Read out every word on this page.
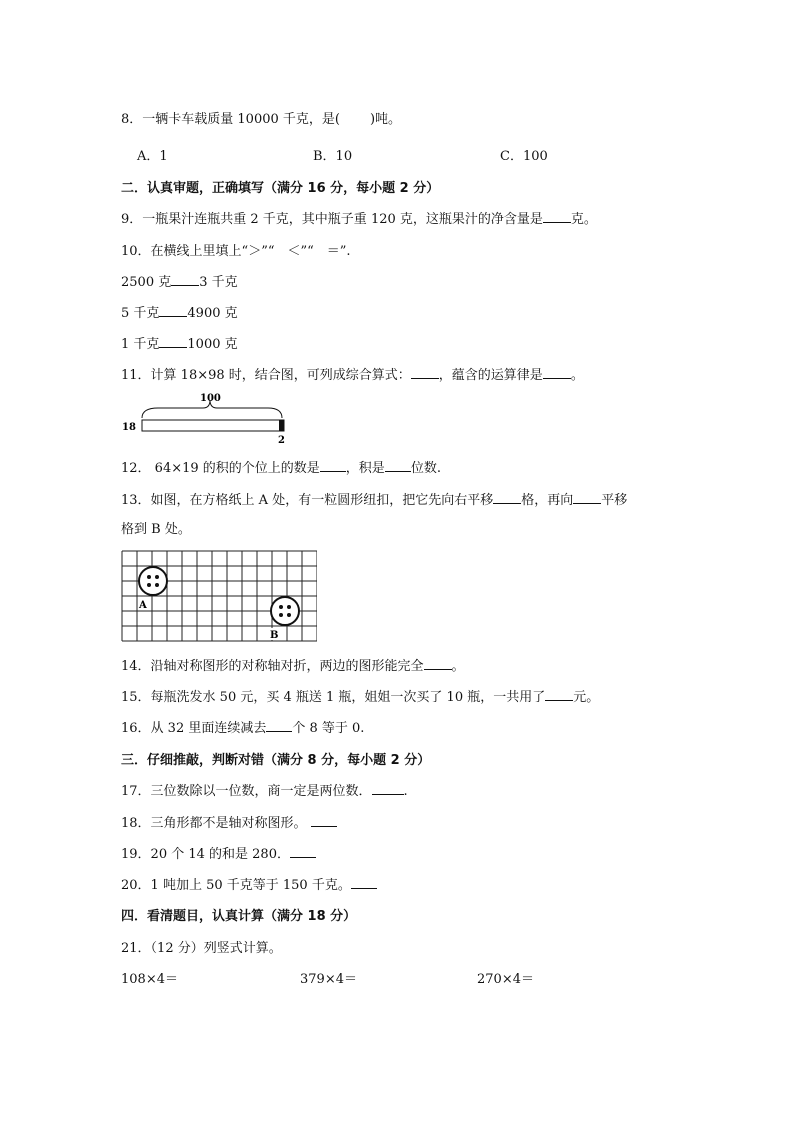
8．一辆卡车载质量 10000 千克，是( )吨。
A．1	B．10	C．100
二．认真审题，正确填写（满分 16 分，每小题 2 分）
9．一瓶果汁连瓶共重 2 千克，其中瓶子重 120 克，这瓶果汁的净含量是 克。
10．在横线上里填上“＞”“　＜”“　＝”.
2500 克 3 千克
5 千克 4900 克
1 千克 1000 克
11．计算 18×98 时，结合图，可列成综合算式： ，蕴含的运算律是 。
100
18
2
12． 64×19 的积的个位上的数是 ，积是 位数.
13．如图，在方格纸上 A 处，有一粒圆形纽扣，把它先向右平移 格，再向 平移
格到 B 处。
A
B
14．沿轴对称图形的对称轴对折，两边的图形能完全 。
15．每瓶洗发水 50 元，买 4 瓶送 1 瓶，姐姐一次买了 10 瓶，一共用了 元。
16．从 32 里面连续减去 个 8 等于 0.
三．仔细推敲，判断对错（满分 8 分，每小题 2 分）
17．三位数除以一位数，商一定是两位数． .
18．三角形都不是轴对称图形。
19．20 个 14 的和是 280．
20．1 吨加上 50 千克等于 150 千克。
四．看清题目，认真计算（满分 18 分）
21．（12 分）列竖式计算。
108×4＝	379×4＝	270×4＝
